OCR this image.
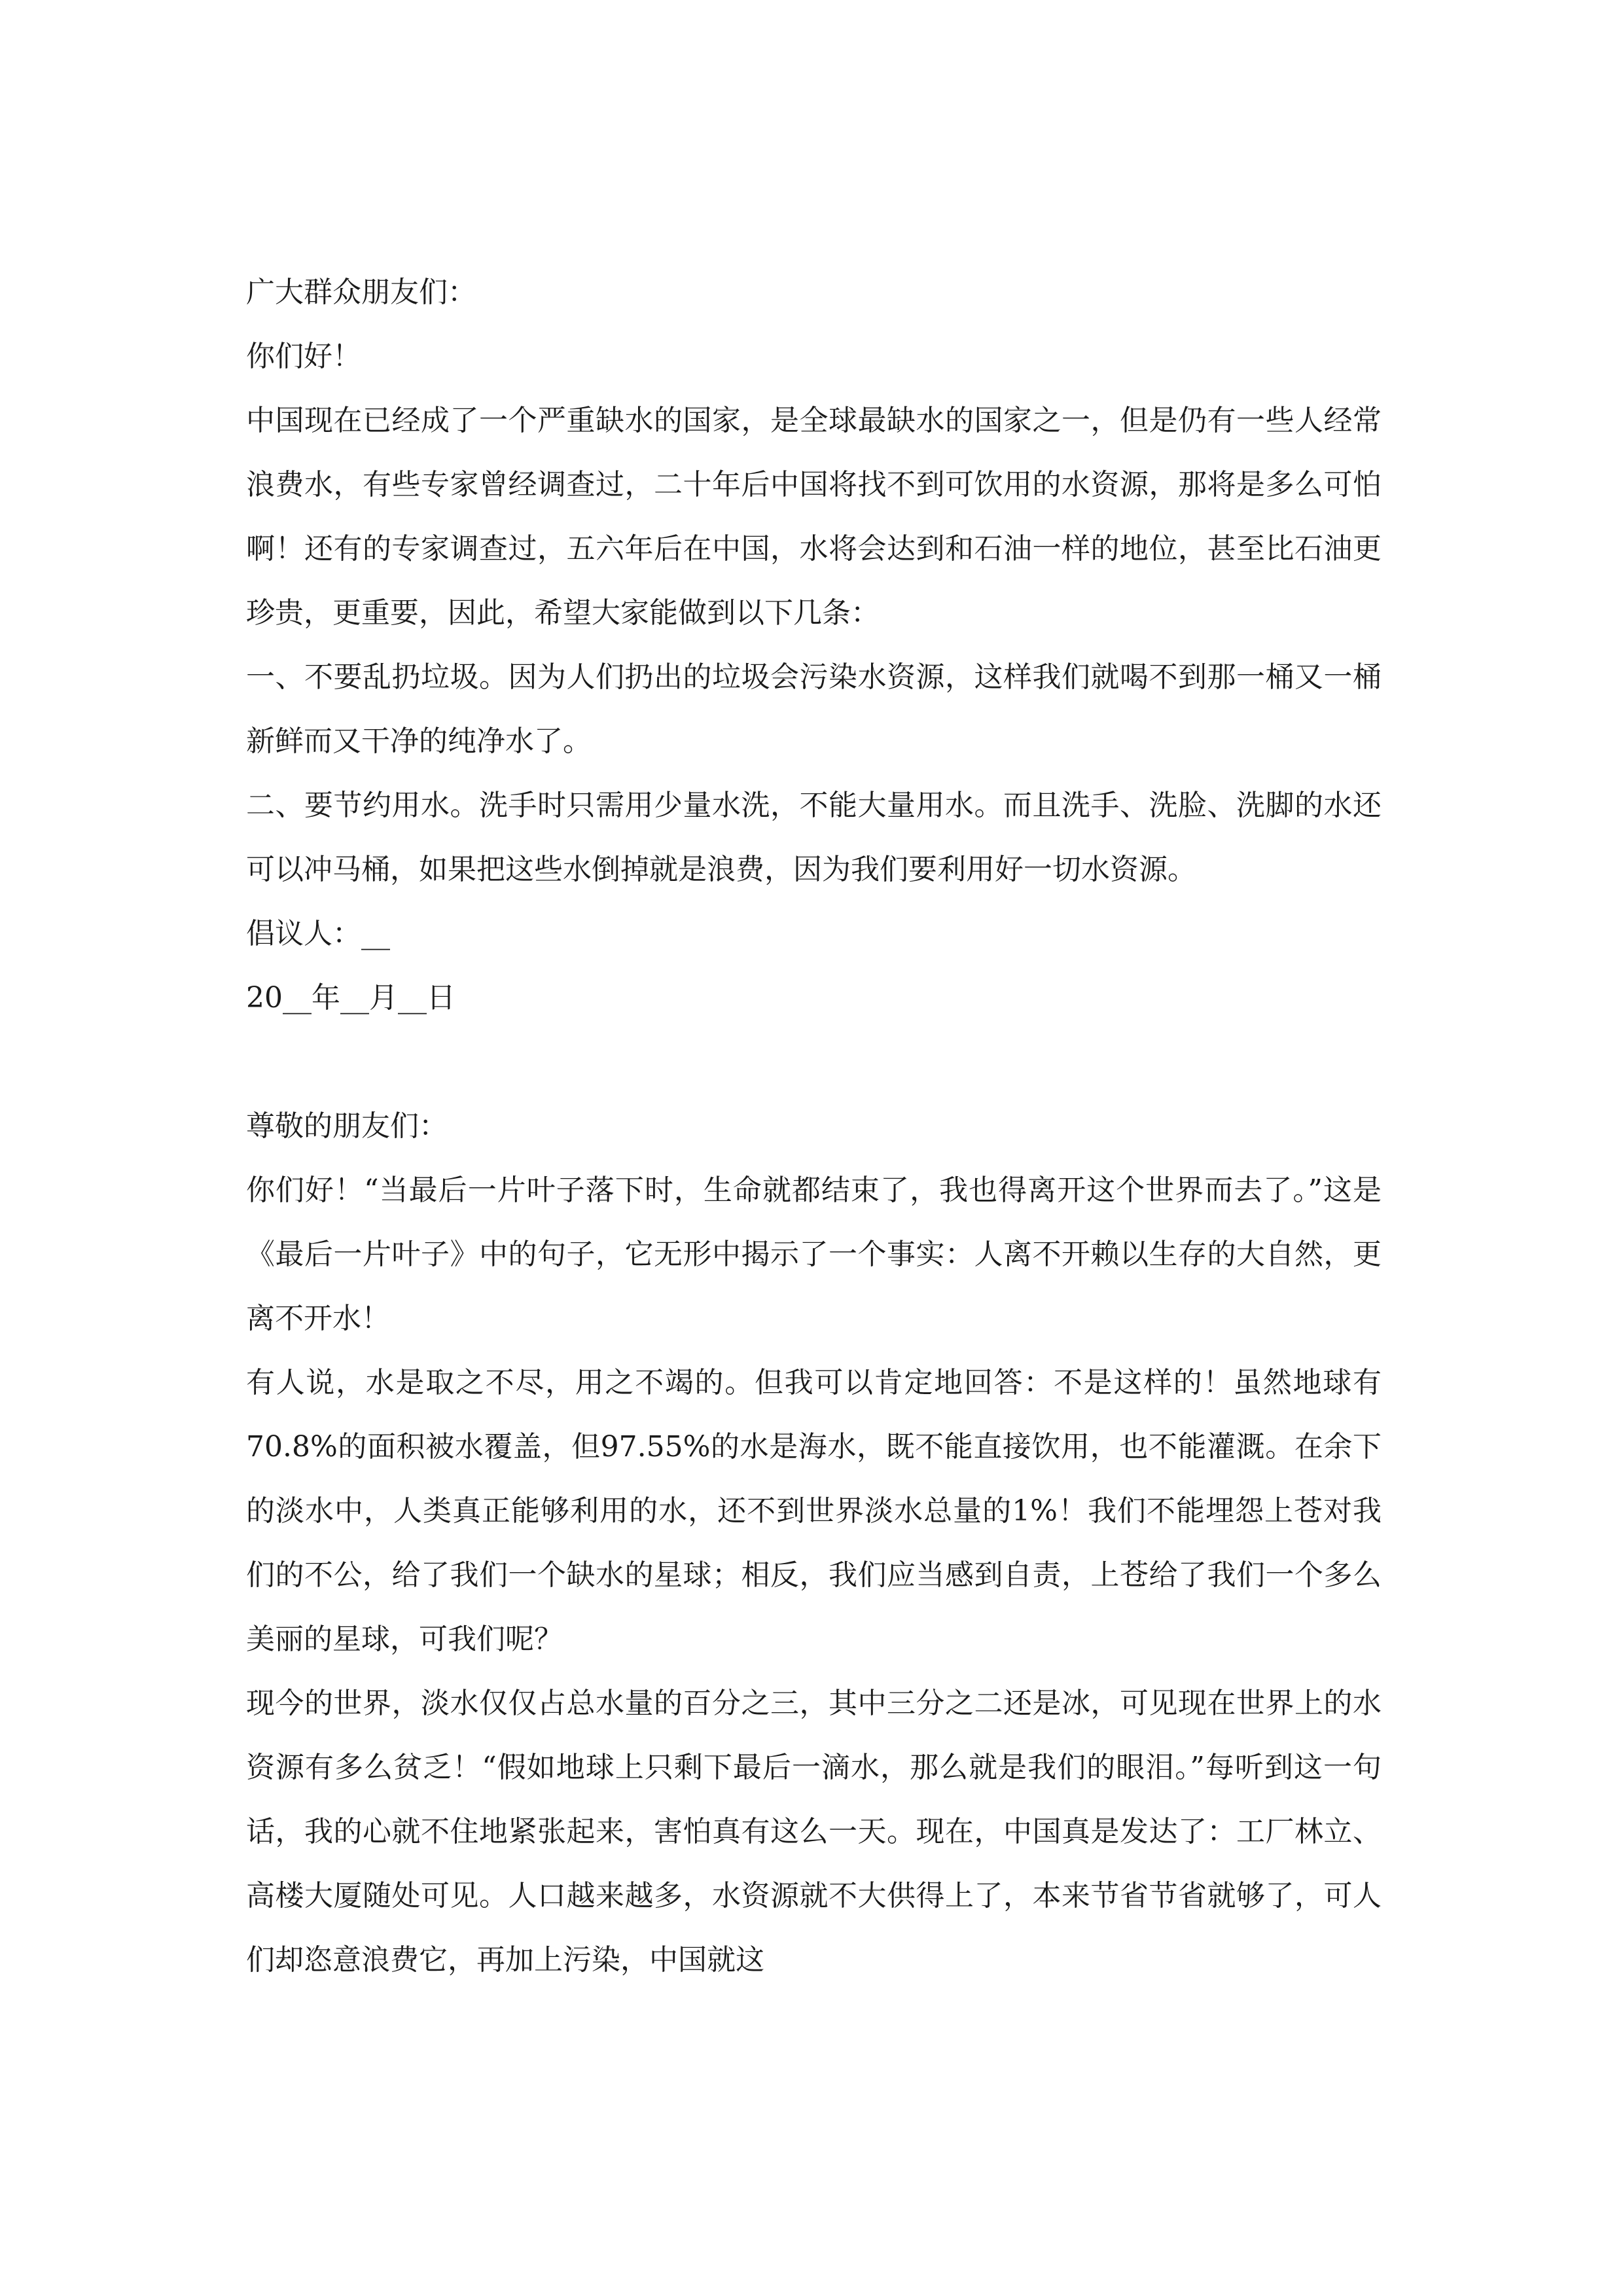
广大群众朋友们：

你们好！

中国现在已经成了一个严重缺水的国家，是全球最缺水的国家之一，但是仍有一些人经常浪费水，有些专家曾经调查过，二十年后中国将找不到可饮用的水资源，那将是多么可怕啊！还有的专家调查过，五六年后在中国，水将会达到和石油一样的地位，甚至比石油更珍贵，更重要，因此，希望大家能做到以下几条：

一、不要乱扔垃圾。因为人们扔出的垃圾会污染水资源，这样我们就喝不到那一桶又一桶新鲜而又干净的纯净水了。

二、要节约用水。洗手时只需用少量水洗，不能大量用水。而且洗手、洗脸、洗脚的水还可以冲马桶，如果把这些水倒掉就是浪费，因为我们要利用好一切水资源。

倡议人：__

20__年__月__日

尊敬的朋友们：

你们好！“当最后一片叶子落下时，生命就都结束了，我也得离开这个世界而去了。”这是《最后一片叶子》中的句子，它无形中揭示了一个事实：人离不开赖以生存的大自然，更离不开水！

有人说，水是取之不尽，用之不竭的。但我可以肯定地回答：不是这样的！虽然地球有70.8%的面积被水覆盖，但97.55%的水是海水，既不能直接饮用，也不能灌溉。在余下的淡水中，人类真正能够利用的水，还不到世界淡水总量的1%！我们不能埋怨上苍对我们的不公，给了我们一个缺水的星球；相反，我们应当感到自责，上苍给了我们一个多么美丽的星球，可我们呢？

现今的世界，淡水仅仅占总水量的百分之三，其中三分之二还是冰，可见现在世界上的水资源有多么贫乏！“假如地球上只剩下最后一滴水，那么就是我们的眼泪。”每听到这一句话，我的心就不住地紧张起来，害怕真有这么一天。现在，中国真是发达了：工厂林立、高楼大厦随处可见。人口越来越多，水资源就不大供得上了，本来节省节省就够了，可人们却恣意浪费它，再加上污染，中国就这
